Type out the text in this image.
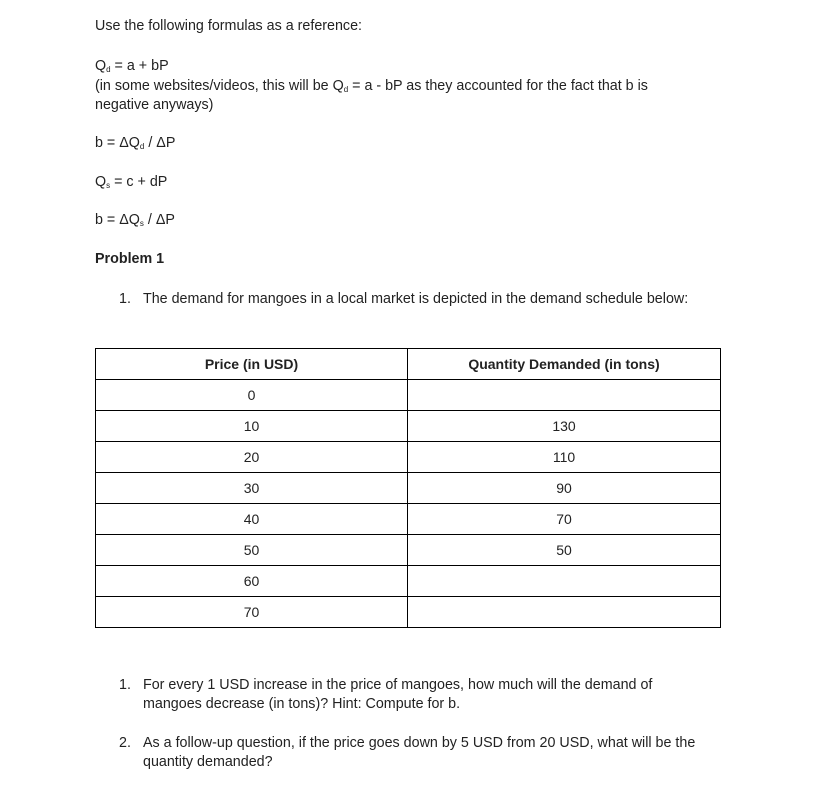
Use the following formulas as a reference:
$Q_d = a$ + bP
(in some websites/videos, this will be $Q_d = a$ - bP as they accounted for the fact that b is
negative anyways)
$b = \Delta Q_d / \Delta P$
$Q_s = c$ + dP
$b = \Delta Q_s / \Delta P$
Problem 1
1. The demand for mangoes in a local market is depicted in the demand schedule below:
Price (in USD)	Quantity Demanded (in tons)
0	
10	130
20	110
30	90
40	70
50	50
60	
70	
1. For every 1 USD increase in the price of mangoes, how much will the demand of
mangoes decrease (in tons)? Hint: Compute for b.
2. As a follow-up question, if the price goes down by 5 USD from 20 USD, what will be the
quantity demanded?
